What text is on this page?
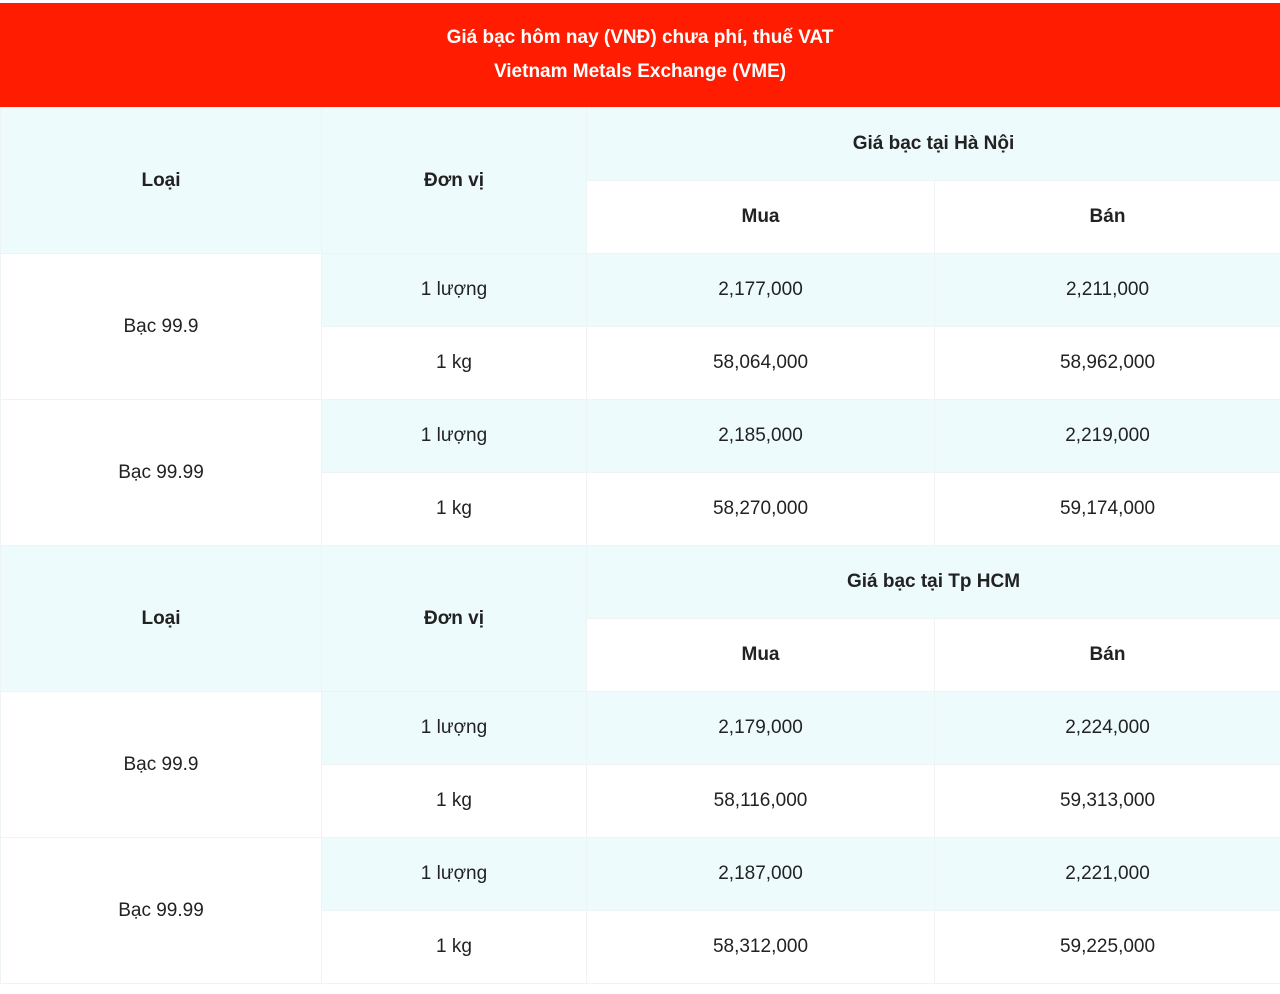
Giá bạc hôm nay (VNĐ) chưa phí, thuế VAT
Vietnam Metals Exchange (VME)
Loại	Đơn vị	Giá bạc tại Hà Nội	
		Mua	Bán
Bạc 99.9	1 lượng	2,177,000	2,211,000
	1 kg	58,064,000	58,962,000
Bạc 99.99	1 lượng	2,185,000	2,219,000
	1 kg	58,270,000	59,174,000
Loại	Đơn vị	Giá bạc tại Tp HCM	
		Mua	Bán
Bạc 99.9	1 lượng	2,179,000	2,224,000
	1 kg	58,116,000	59,313,000
Bạc 99.99	1 lượng	2,187,000	2,221,000
	1 kg	58,312,000	59,225,000
